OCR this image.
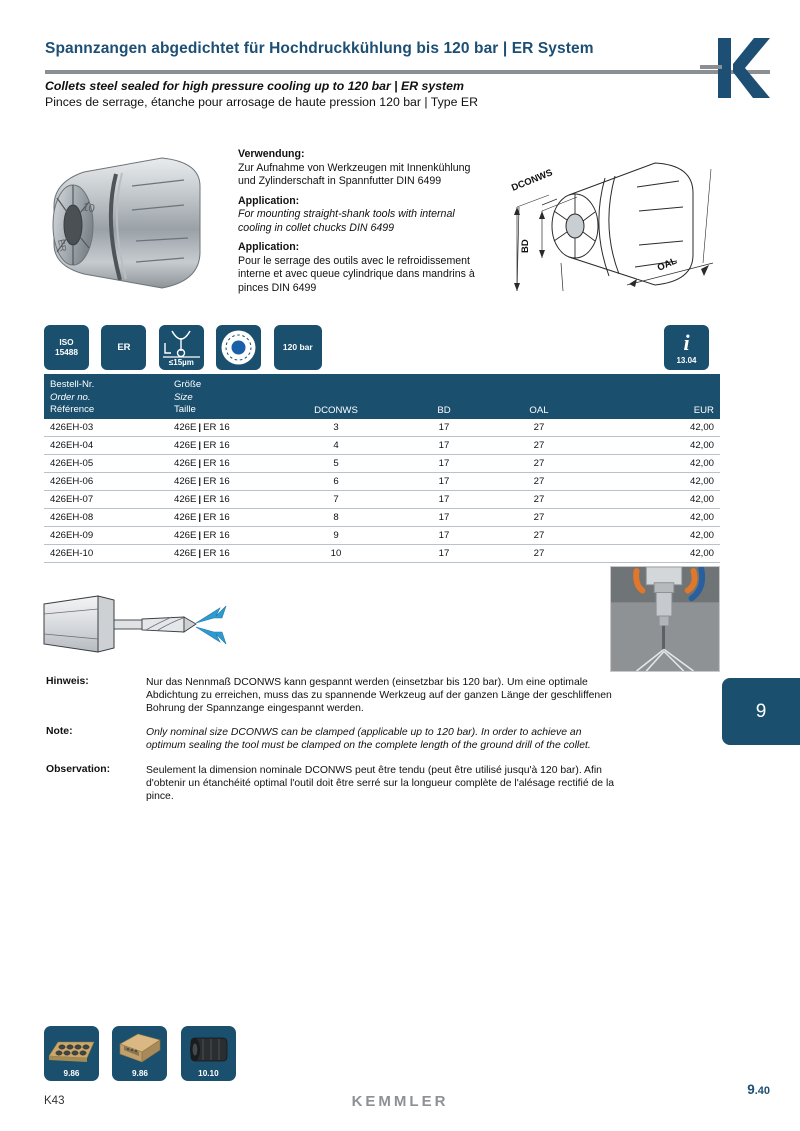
Spannzangen abgedichtet für Hochdruckkühlung bis 120 bar | ER System
Collets steel sealed for high pressure cooling up to 120 bar | ER system
Pinces de serrage, étanche pour arrosage de haute pression 120 bar | Type ER
10
ER
Verwendung:
Zur Aufnahme von Werkzeugen mit Innenkühlung und Zylinderschaft in Spannfutter DIN 6499
Application:
For mounting straight-shank tools with internal cooling in collet chucks DIN 6499
Application:
Pour le serrage des outils avec le refroidissement interne et avec queue cylindrique dans mandrins à pinces DIN 6499
DCONWS
BD
OAL
ISO
15488
	ER

≤15µm

120 bar	i
13.04
Bestell-Nr.
Order no.
Référence
Größe
Size
Taille	DCONWS	BD	OAL	EUR
426EH-03	426E | ER 16	3	17	27	42,00
426EH-04	426E | ER 16	4	17	27	42,00
426EH-05	426E | ER 16	5	17	27	42,00
426EH-06	426E | ER 16	6	17	27	42,00
426EH-07	426E | ER 16	7	17	27	42,00
426EH-08	426E | ER 16	8	17	27	42,00
426EH-09	426E | ER 16	9	17	27	42,00
426EH-10	426E | ER 16	10	17	27	42,00
9
Hinweis:	Nur das Nennmaß DCONWS kann gespannt werden (einsetzbar bis 120 bar). Um eine optimale Abdichtung zu erreichen, muss das zu spannende Werkzeug auf der ganzen Länge der geschliffenen Bohrung der Spannzange eingespannt werden.
Note:	Only nominal size DCONWS can be clamped (applicable up to 120 bar). In order to achieve an optimum sealing the tool must be clamped on the complete length of the ground drill of the collet.
Observation:	Seulement la dimension nominale DCONWS peut être tendu (peut être utilisé jusqu'à 120 bar). Afin d'obtenir un étanchéité optimal l'outil doit être serré sur la longueur complète de l'alésage rectifié de la pince.
9.86
	9.86
	10.10
K43	KEMMLER
9.40
